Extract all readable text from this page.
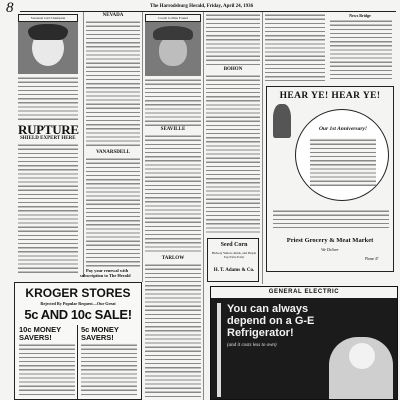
8	The Harrodsburg Herald, Friday, April 24, 1936
Sweetest Girl Champion
RUPTURE
SHIELD EXPERT HERE
NEVADA
VANARSDELL
Pay your renewal with
subscription to The Herald
Coach Collins Found
SEAVILLE
TARLOW
BOHON
Seed Corn
Hickory Yellow, Reids, and Purple Top Extra Early
H. T. Adams & Co.
News Bridge
HEAR YE! HEAR YE!
Our 1st Anniversary!
Priest Grocery & Meat Market
We Deliver
Phone 47
KROGER STORES
Rejected By Popular Request—Our Great
5c AND 10c SALE!
10c MONEY SAVERS!
5c MONEY SAVERS!
GENERAL ELECTRIC
You can always depend on a G-E Refrigerator!
(and it costs less to own)
